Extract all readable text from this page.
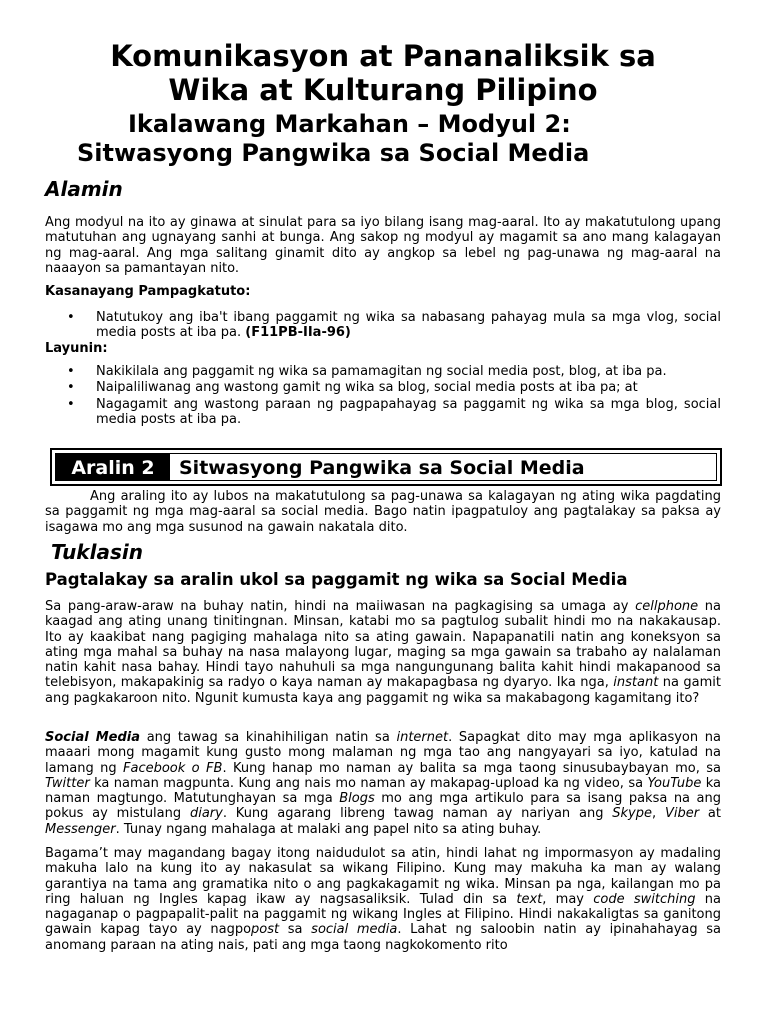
Komunikasyon at Pananaliksik sa
Wika at Kulturang Pilipino

Ikalawang Markahan – Modyul 2:

Sitwasyong Pangwika sa Social Media

Alamin

Ang modyul na ito ay ginawa at sinulat para sa iyo bilang isang mag-aaral. Ito ay makatutulong upang matutuhan ang ugnayang sanhi at bunga. Ang sakop ng modyul ay magamit sa ano mang kalagayan ng mag-aaral. Ang mga salitang ginamit dito ay angkop sa lebel ng pag-unawa ng mag-aaral na naaayon sa pamantayan nito.

Kasanayang Pampagkatuto:

• Natutukoy ang iba't ibang paggamit ng wika sa nabasang pahayag mula sa mga vlog, social media posts at iba pa. (F11PB-IIa-96)

Layunin:

• Nakikilala ang paggamit ng wika sa pamamagitan ng social media post, blog, at iba pa.
• Naipaliliwanag ang wastong gamit ng wika sa blog, social media posts at iba pa; at
• Nagagamit ang wastong paraan ng pagpapahayag sa paggamit ng wika sa mga blog, social media posts at iba pa.
Aralin 2	Sitwasyong Pangwika sa Social Media

Ang araling ito ay lubos na makatutulong sa pag-unawa sa kalagayan ng ating wika pagdating sa paggamit ng mga mag-aaral sa social media. Bago natin ipagpatuloy ang pagtalakay sa paksa ay isagawa mo ang mga susunod na gawain nakatala dito.

Tuklasin

Pagtalakay sa aralin ukol sa paggamit ng wika sa Social Media

Sa pang-araw-araw na buhay natin, hindi na maiiwasan na pagkagising sa umaga ay cellphone na kaagad ang ating unang tinitingnan. Minsan, katabi mo sa pagtulog subalit hindi mo na nakakausap. Ito ay kaakibat nang pagiging mahalaga nito sa ating gawain. Napapanatili natin ang koneksyon sa ating mga mahal sa buhay na nasa malayong lugar, maging sa mga gawain sa trabaho ay nalalaman natin kahit nasa bahay. Hindi tayo nahuhuli sa mga nangungunang balita kahit hindi makapanood sa telebisyon, makapakinig sa radyo o kaya naman ay makapagbasa ng dyaryo. Ika nga, instant na gamit ang pagkakaroon nito. Ngunit kumusta kaya ang paggamit ng wika sa makabagong kagamitang ito?

Social Media ang tawag sa kinahihiligan natin sa internet. Sapagkat dito may mga aplikasyon na maaari mong magamit kung gusto mong malaman ng mga tao ang nangyayari sa iyo, katulad na lamang ng Facebook o FB. Kung hanap mo naman ay balita sa mga taong sinusubaybayan mo, sa Twitter ka naman magpunta. Kung ang nais mo naman ay makapag-upload ka ng video, sa YouTube ka naman magtungo. Matutunghayan sa mga Blogs mo ang mga artikulo para sa isang paksa na ang pokus ay mistulang diary. Kung agarang libreng tawag naman ay nariyan ang Skype, Viber at Messenger. Tunay ngang mahalaga at malaki ang papel nito sa ating buhay.

Bagama’t may magandang bagay itong naidudulot sa atin, hindi lahat ng impormasyon ay madaling makuha lalo na kung ito ay nakasulat sa wikang Filipino. Kung may makuha ka man ay walang garantiya na tama ang gramatika nito o ang pagkakagamit ng wika. Minsan pa nga, kailangan mo pa ring haluan ng Ingles kapag ikaw ay nagsasaliksik. Tulad din sa text, may code switching na nagaganap o pagpapalit-palit na paggamit ng wikang Ingles at Filipino. Hindi nakakaligtas sa ganitong gawain kapag tayo ay nagpopost sa social media. Lahat ng saloobin natin ay ipinahahayag sa anomang paraan na ating nais, pati ang mga taong nagkokomento rito
